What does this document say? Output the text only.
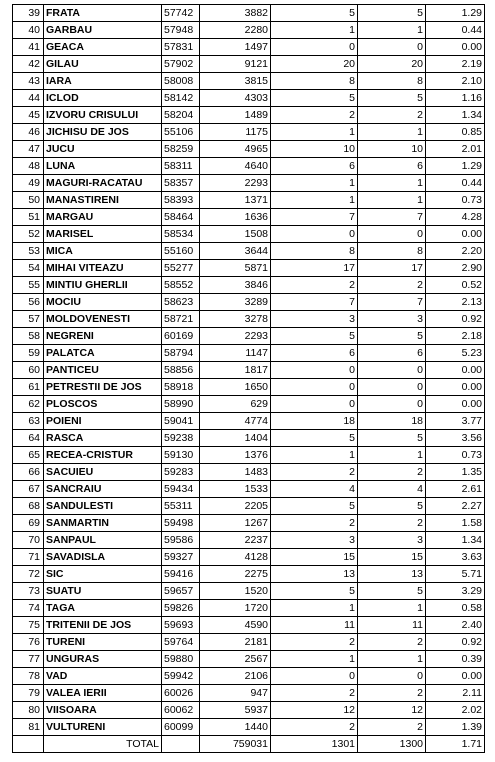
39	FRATA	57742	3882	5	5	1.29
40	GARBAU	57948	2280	1	1	0.44
41	GEACA	57831	1497	0	0	0.00
42	GILAU	57902	9121	20	20	2.19
43	IARA	58008	3815	8	8	2.10
44	ICLOD	58142	4303	5	5	1.16
45	IZVORU CRISULUI	58204	1489	2	2	1.34
46	JICHISU DE JOS	55106	1175	1	1	0.85
47	JUCU	58259	4965	10	10	2.01
48	LUNA	58311	4640	6	6	1.29
49	MAGURI-RACATAU	58357	2293	1	1	0.44
50	MANASTIRENI	58393	1371	1	1	0.73
51	MARGAU	58464	1636	7	7	4.28
52	MARISEL	58534	1508	0	0	0.00
53	MICA	55160	3644	8	8	2.20
54	MIHAI VITEAZU	55277	5871	17	17	2.90
55	MINTIU GHERLII	58552	3846	2	2	0.52
56	MOCIU	58623	3289	7	7	2.13
57	MOLDOVENESTI	58721	3278	3	3	0.92
58	NEGRENI	60169	2293	5	5	2.18
59	PALATCA	58794	1147	6	6	5.23
60	PANTICEU	58856	1817	0	0	0.00
61	PETRESTII DE JOS	58918	1650	0	0	0.00
62	PLOSCOS	58990	629	0	0	0.00
63	POIENI	59041	4774	18	18	3.77
64	RASCA	59238	1404	5	5	3.56
65	RECEA-CRISTUR	59130	1376	1	1	0.73
66	SACUIEU	59283	1483	2	2	1.35
67	SANCRAIU	59434	1533	4	4	2.61
68	SANDULESTI	55311	2205	5	5	2.27
69	SANMARTIN	59498	1267	2	2	1.58
70	SANPAUL	59586	2237	3	3	1.34
71	SAVADISLA	59327	4128	15	15	3.63
72	SIC	59416	2275	13	13	5.71
73	SUATU	59657	1520	5	5	3.29
74	TAGA	59826	1720	1	1	0.58
75	TRITENII DE JOS	59693	4590	11	11	2.40
76	TURENI	59764	2181	2	2	0.92
77	UNGURAS	59880	2567	1	1	0.39
78	VAD	59942	2106	0	0	0.00
79	VALEA IERII	60026	947	2	2	2.11
80	VIISOARA	60062	5937	12	12	2.02
81	VULTURENI	60099	1440	2	2	1.39
	TOTAL		759031	1301	1300	1.71
